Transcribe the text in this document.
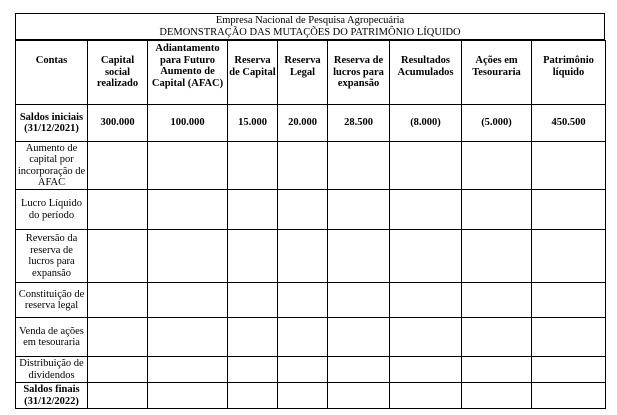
Empresa Nacional de Pesquisa Agropecuária
DEMONSTRAÇÃO DAS MUTAÇÕES DO PATRIMÔNIO LÍQUIDO
Contas	Capital social realizado	Adiantamento para Futuro Aumento de Capital (AFAC)	Reserva de Capital	Reserva Legal	Reserva de lucros para expansão	Resultados Acumulados	Ações em Tesouraria	Patrimônio líquido
Saldos iniciais (31/12/2021)	300.000	100.000	15.000	20.000	28.500	(8.000)	(5.000)	450.500
Aumento de capital por incorporação de AFAC								
Lucro Líquido do período								
Reversão da reserva de lucros para expansão								
Constituição de reserva legal								
Venda de ações em tesouraria								
Distribuição de dividendos								
Saldos finais (31/12/2022)								
